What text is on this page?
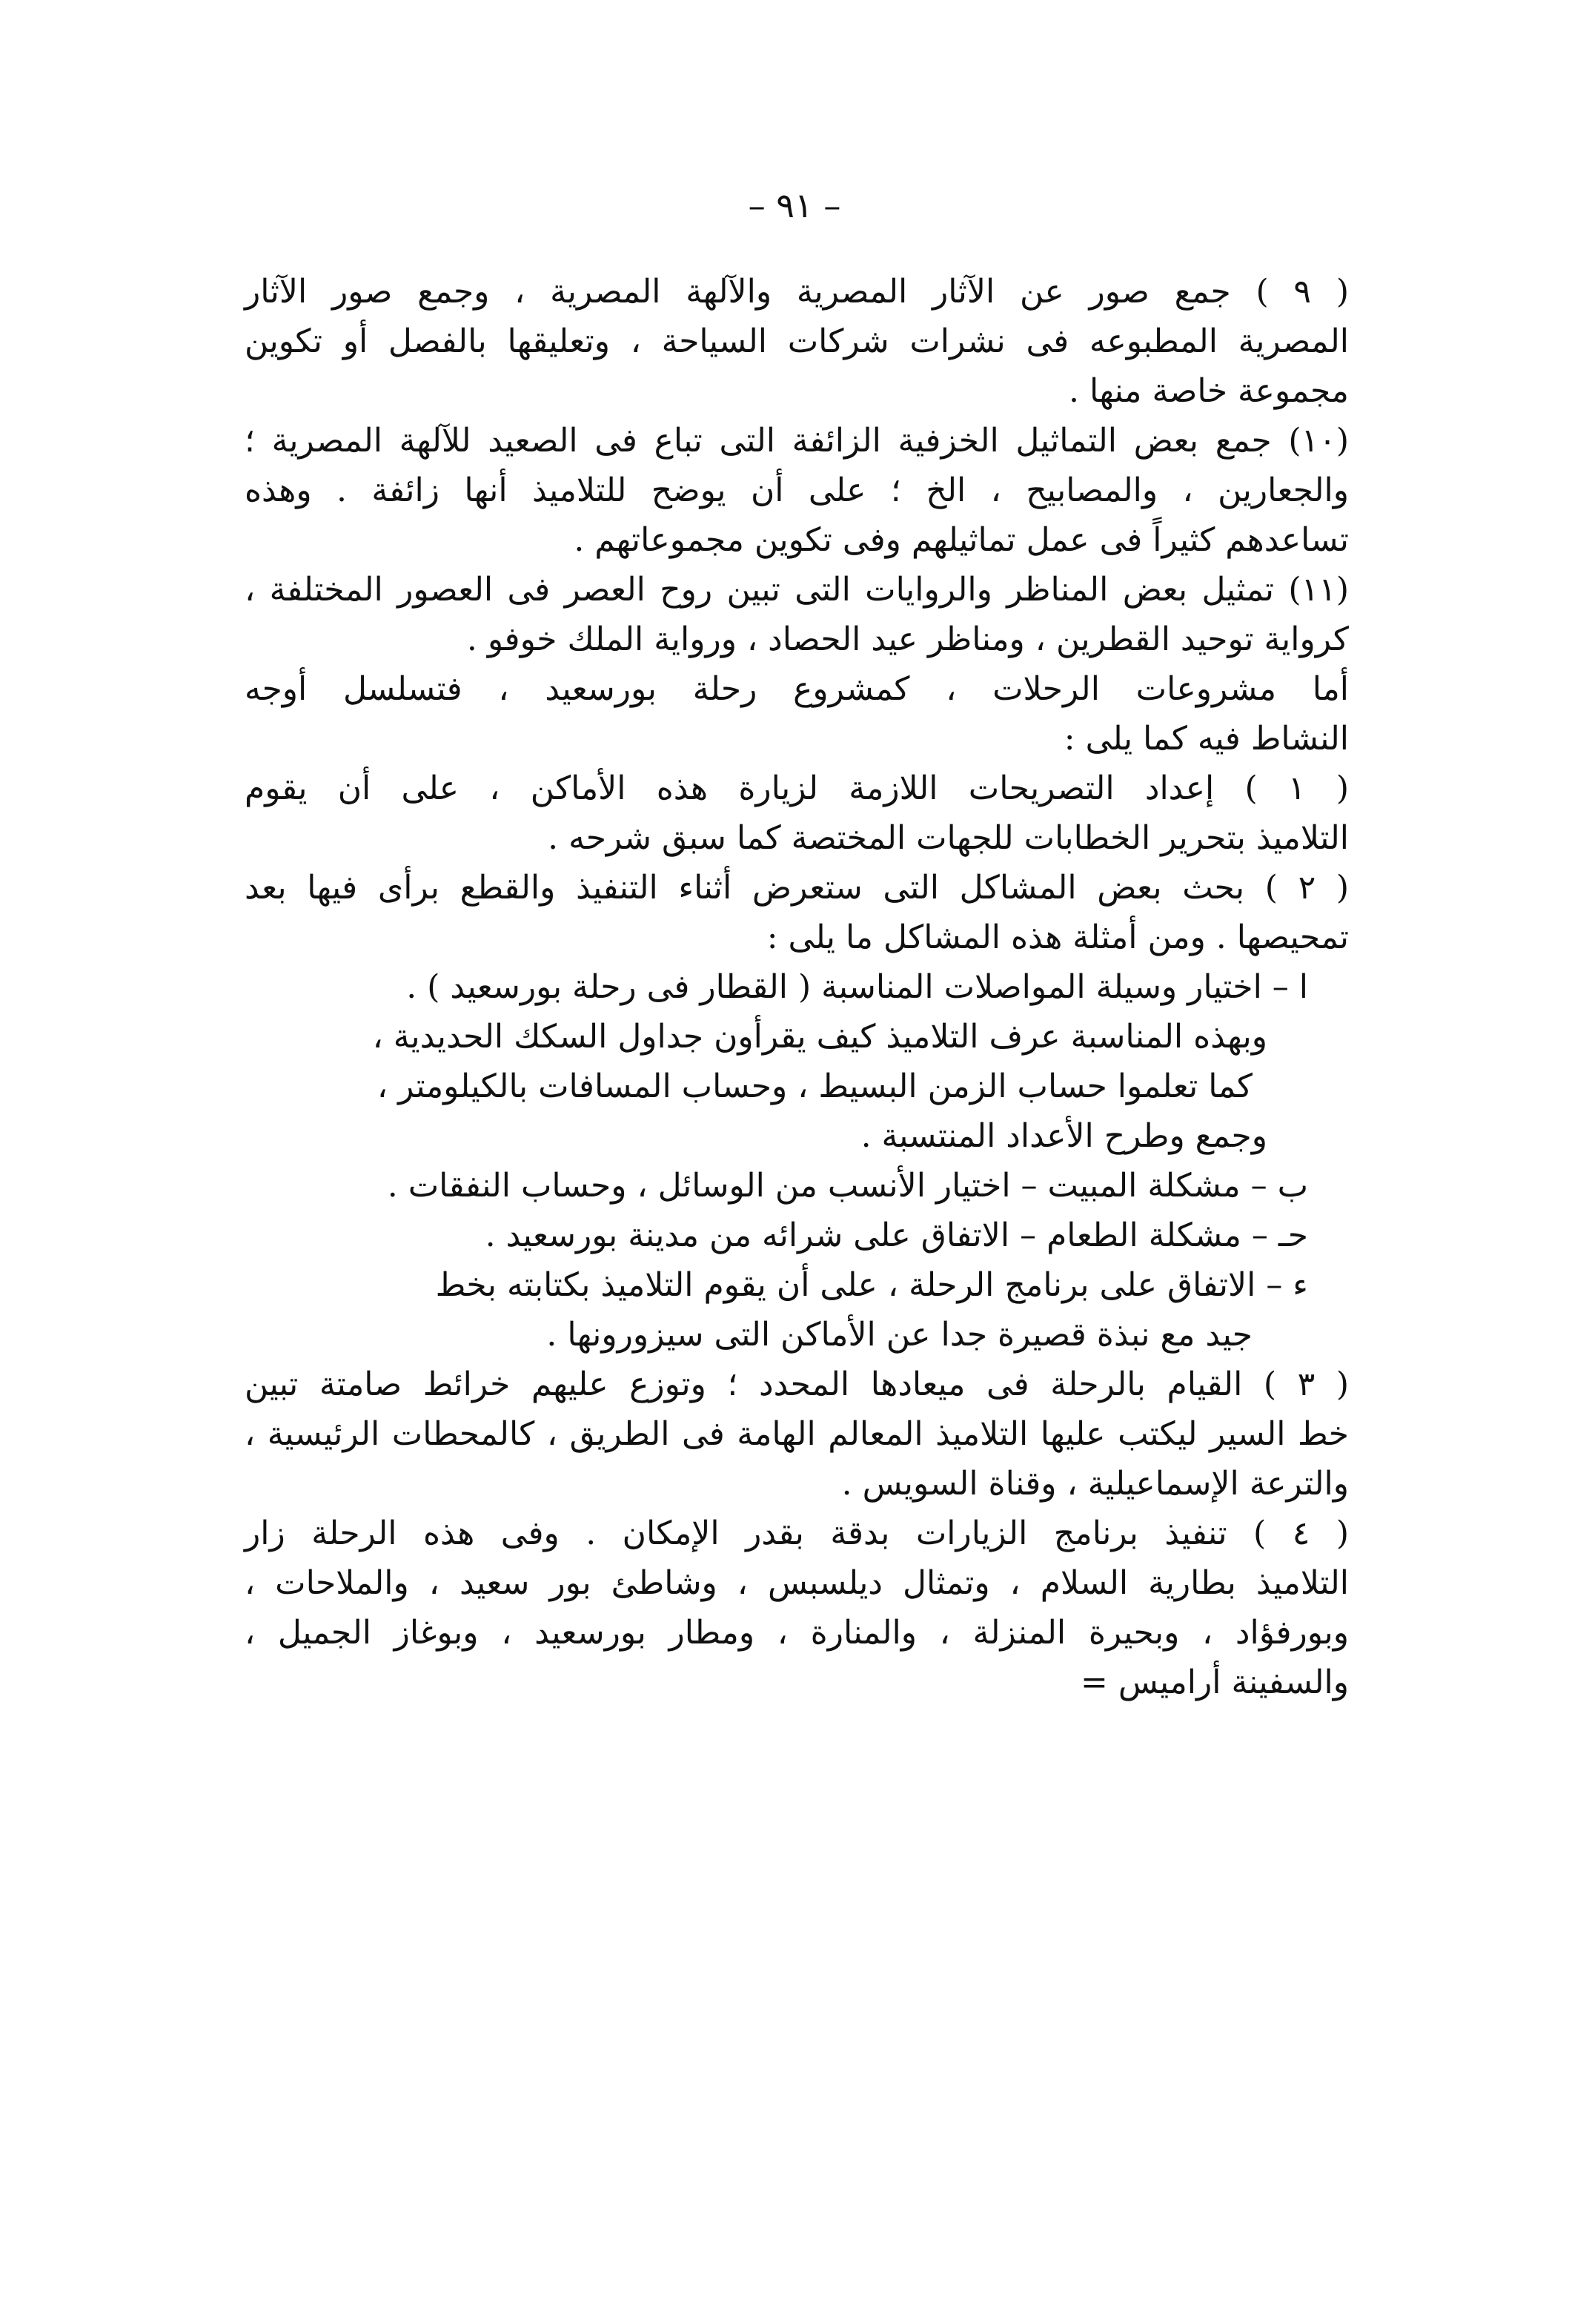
– ٩١ –
( ٩ ) جمع صور عن الآثار المصرية والآلهة المصرية ، وجمع صور الآثار
المصرية المطبوعه فى نشرات شركات السياحة ، وتعليقها بالفصل أو تكوين
مجموعة خاصة منها .
(١٠) جمع بعض التماثيل الخزفية الزائفة التى تباع فى الصعيد للآلهة المصرية ؛
والجعارين ، والمصابيح ، الخ ؛ على أن يوضح للتلاميذ أنها زائفة . وهذه
تساعدهم كثيراً فى عمل تماثيلهم وفى تكوين مجموعاتهم .
(١١) تمثيل بعض المناظر والروايات التى تبين روح العصر فى العصور المختلفة ،
كرواية توحيد القطرين ، ومناظر عيد الحصاد ، ورواية الملك خوفو .
أما مشروعات الرحلات ، كمشروع رحلة بورسعيد ، فتسلسل أوجه
النشاط فيه كما يلى :
( ١ ) إعداد التصريحات اللازمة لزيارة هذه الأماكن ، على أن يقوم
التلاميذ بتحرير الخطابات للجهات المختصة كما سبق شرحه .
( ٢ ) بحث بعض المشاكل التى ستعرض أثناء التنفيذ والقطع برأى فيها بعد
تمحيصها . ومن أمثلة هذه المشاكل ما يلى :
ا – اختيار وسيلة المواصلات المناسبة ( القطار فى رحلة بورسعيد ) .
وبهذه المناسبة عرف التلاميذ كيف يقرأون جداول السكك الحديدية ،
كما تعلموا حساب الزمن البسيط ، وحساب المسافات بالكيلومتر ،
وجمع وطرح الأعداد المنتسبة .
ب – مشكلة المبيت – اختيار الأنسب من الوسائل ، وحساب النفقات .
حـ – مشكلة الطعام – الاتفاق على شرائه من مدينة بورسعيد .
ء – الاتفاق على برنامج الرحلة ، على أن يقوم التلاميذ بكتابته بخط
جيد مع نبذة قصيرة جدا عن الأماكن التى سيزورونها .
( ٣ ) القيام بالرحلة فى ميعادها المحدد ؛ وتوزع عليهم خرائط صامتة تبين
خط السير ليكتب عليها التلاميذ المعالم الهامة فى الطريق ، كالمحطات الرئيسية ،
والترعة الإسماعيلية ، وقناة السويس .
( ٤ ) تنفيذ برنامج الزيارات بدقة بقدر الإمكان . وفى هذه الرحلة زار
التلاميذ بطارية السلام ، وتمثال ديلسبس ، وشاطئ بور سعيد ، والملاحات ،
وبورفؤاد ، وبحيرة المنزلة ، والمنارة ، ومطار بورسعيد ، وبوغاز الجميل ،
والسفينة أراميس =
